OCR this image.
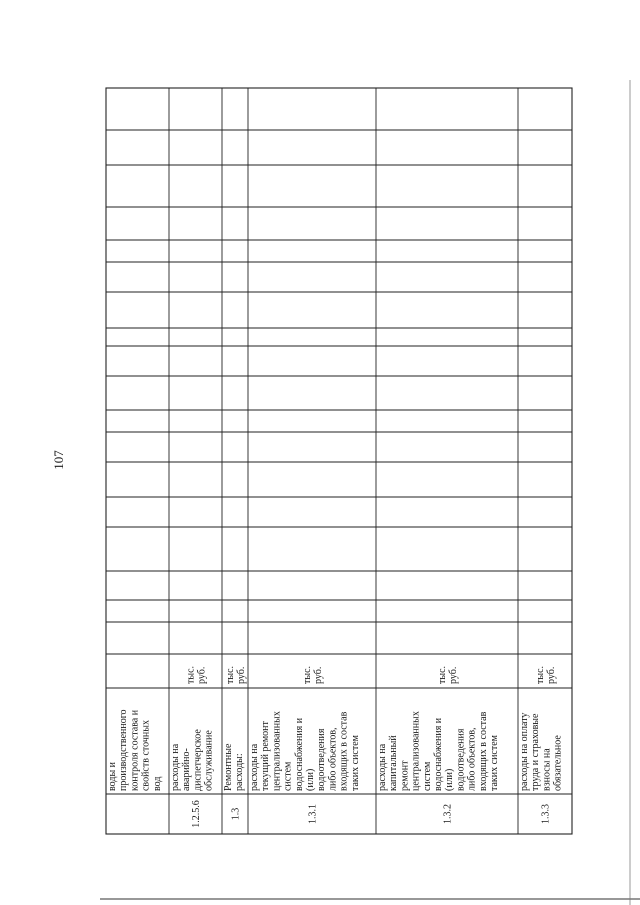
107
воды и производственного контроля состава и свойств сточных вод
1.2.5.6
расходы на аварийно- диспетчерское обслуживание
тыс. руб.
1.3
Ремонтные расходы:
тыс. руб.
1.3.1
расходы на текущий ремонт централизованных систем водоснабжения и (или) водоотведения либо объектов, входящих в состав таких систем
тыс. руб.
1.3.2
расходы на капитальный ремонт централизованных систем водоснабжения и (или) водоотведения либо объектов, входящих в состав таких систем
тыс. руб.
1.3.3
расходы на оплату труда и страховые взносы на обязательное
тыс. руб.
